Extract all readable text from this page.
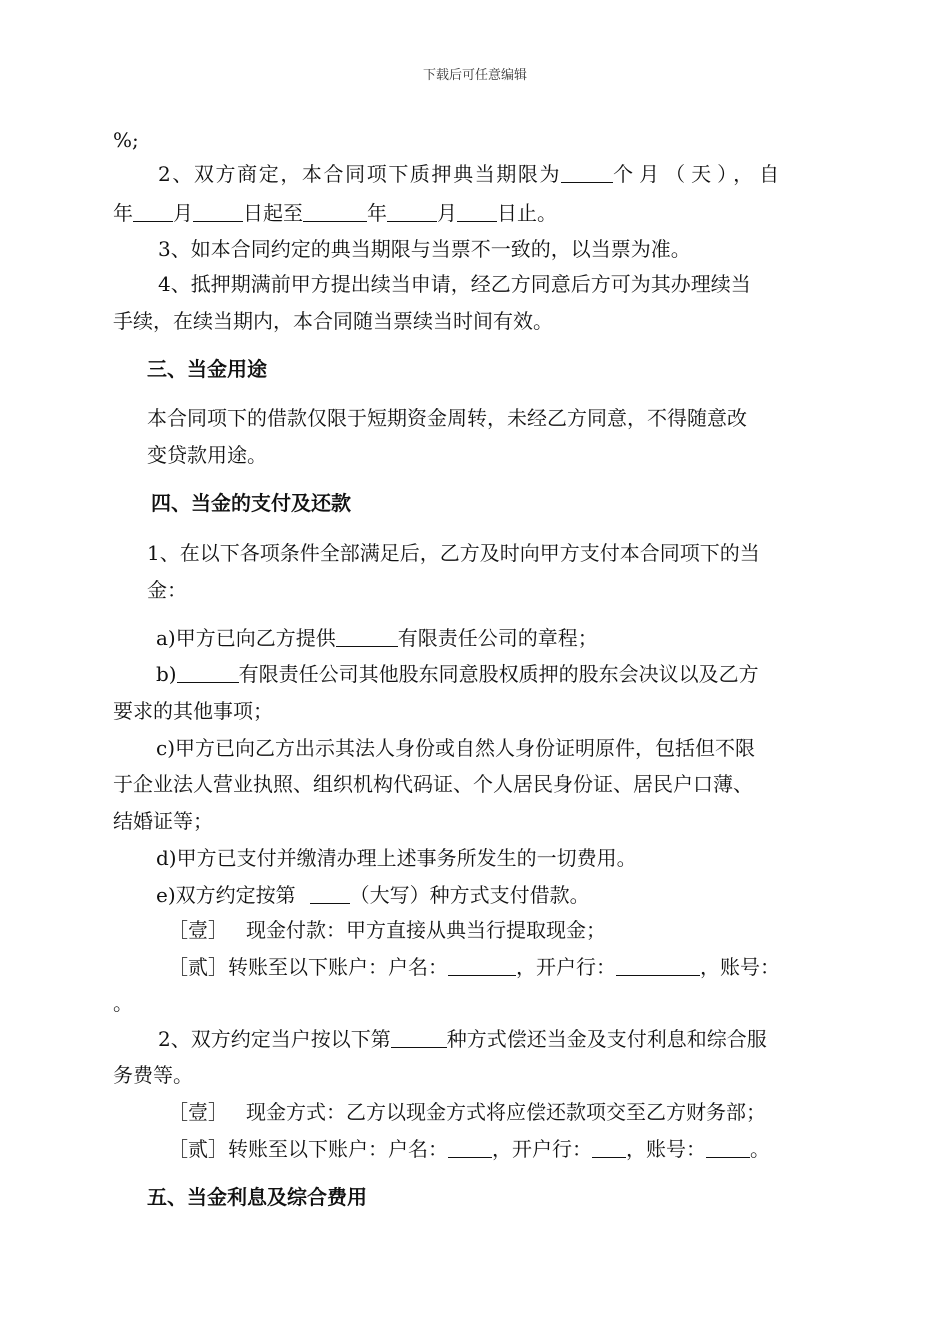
下载后可任意编辑
%;
2、双方商定，本合同项下质押典当期限为	个月（天），自
年 月	日起至	年	月 日止。
3、如本合同约定的典当期限与当票不一致的，以当票为准。
4、抵押期满前甲方提出续当申请，经乙方同意后方可为其办理续当
手续，在续当期内，本合同随当票续当时间有效。
三、当金用途
本合同项下的借款仅限于短期资金周转，未经乙方同意，不得随意改
变贷款用途。
四、当金的支付及还款
1、在以下各项条件全部满足后，乙方及时向甲方支付本合同项下的当
金：
a)甲方已向乙方提供	有限责任公司的章程；
b)	有限责任公司其他股东同意股权质押的股东会决议以及乙方
要求的其他事项；
c)甲方已向乙方出示其法人身份或自然人身份证明原件，包括但不限
于企业法人营业执照、组织机构代码证、个人居民身份证、居民户口薄、
结婚证等；
d)甲方已支付并缴清办理上述事务所发生的一切费用。
e)双方约定按第	（大写）种方式支付借款。
［壹］ 现金付款：甲方直接从典当行提取现金；
［贰］转账至以下账户：户名：	，开户行：	，账号：
。
2、双方约定当户按以下第	种方式偿还当金及支付利息和综合服
务费等。
［壹］ 现金方式：乙方以现金方式将应偿还款项交至乙方财务部；
［贰］转账至以下账户：户名： ，开户行： ，账号： 。
五、当金利息及综合费用
